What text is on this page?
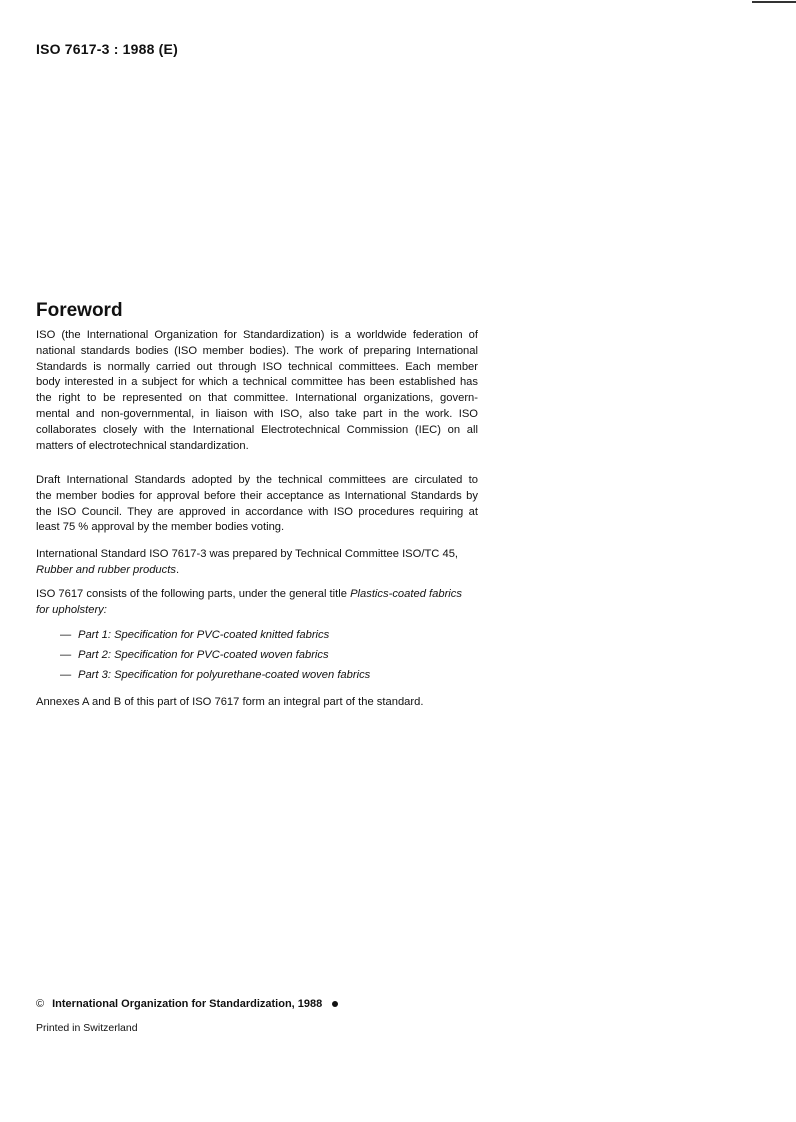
ISO 7617-3 : 1988 (E)
Foreword
ISO (the International Organization for Standardization) is a worldwide federation of
national standards bodies (ISO member bodies). The work of preparing International
Standards is normally carried out through ISO technical committees. Each member
body interested in a subject for which a technical committee has been established has
the right to be represented on that committee. International organizations, govern-
mental and non-governmental, in liaison with ISO, also take part in the work. ISO
collaborates closely with the International Electrotechnical Commission (IEC) on all
matters of electrotechnical standardization.
Draft International Standards adopted by the technical committees are circulated to
the member bodies for approval before their acceptance as International Standards by
the ISO Council. They are approved in accordance with ISO procedures requiring at
least 75 % approval by the member bodies voting.
International Standard ISO 7617-3 was prepared by Technical Committee ISO/TC 45,
Rubber and rubber products.
ISO 7617 consists of the following parts, under the general title Plastics-coated fabrics
for upholstery:
— Part 1: Specification for PVC-coated knitted fabrics
— Part 2: Specification for PVC-coated woven fabrics
— Part 3: Specification for polyurethane-coated woven fabrics
Annexes A and B of this part of ISO 7617 form an integral part of the standard.
© International Organization for Standardization, 1988
Printed in Switzerland
